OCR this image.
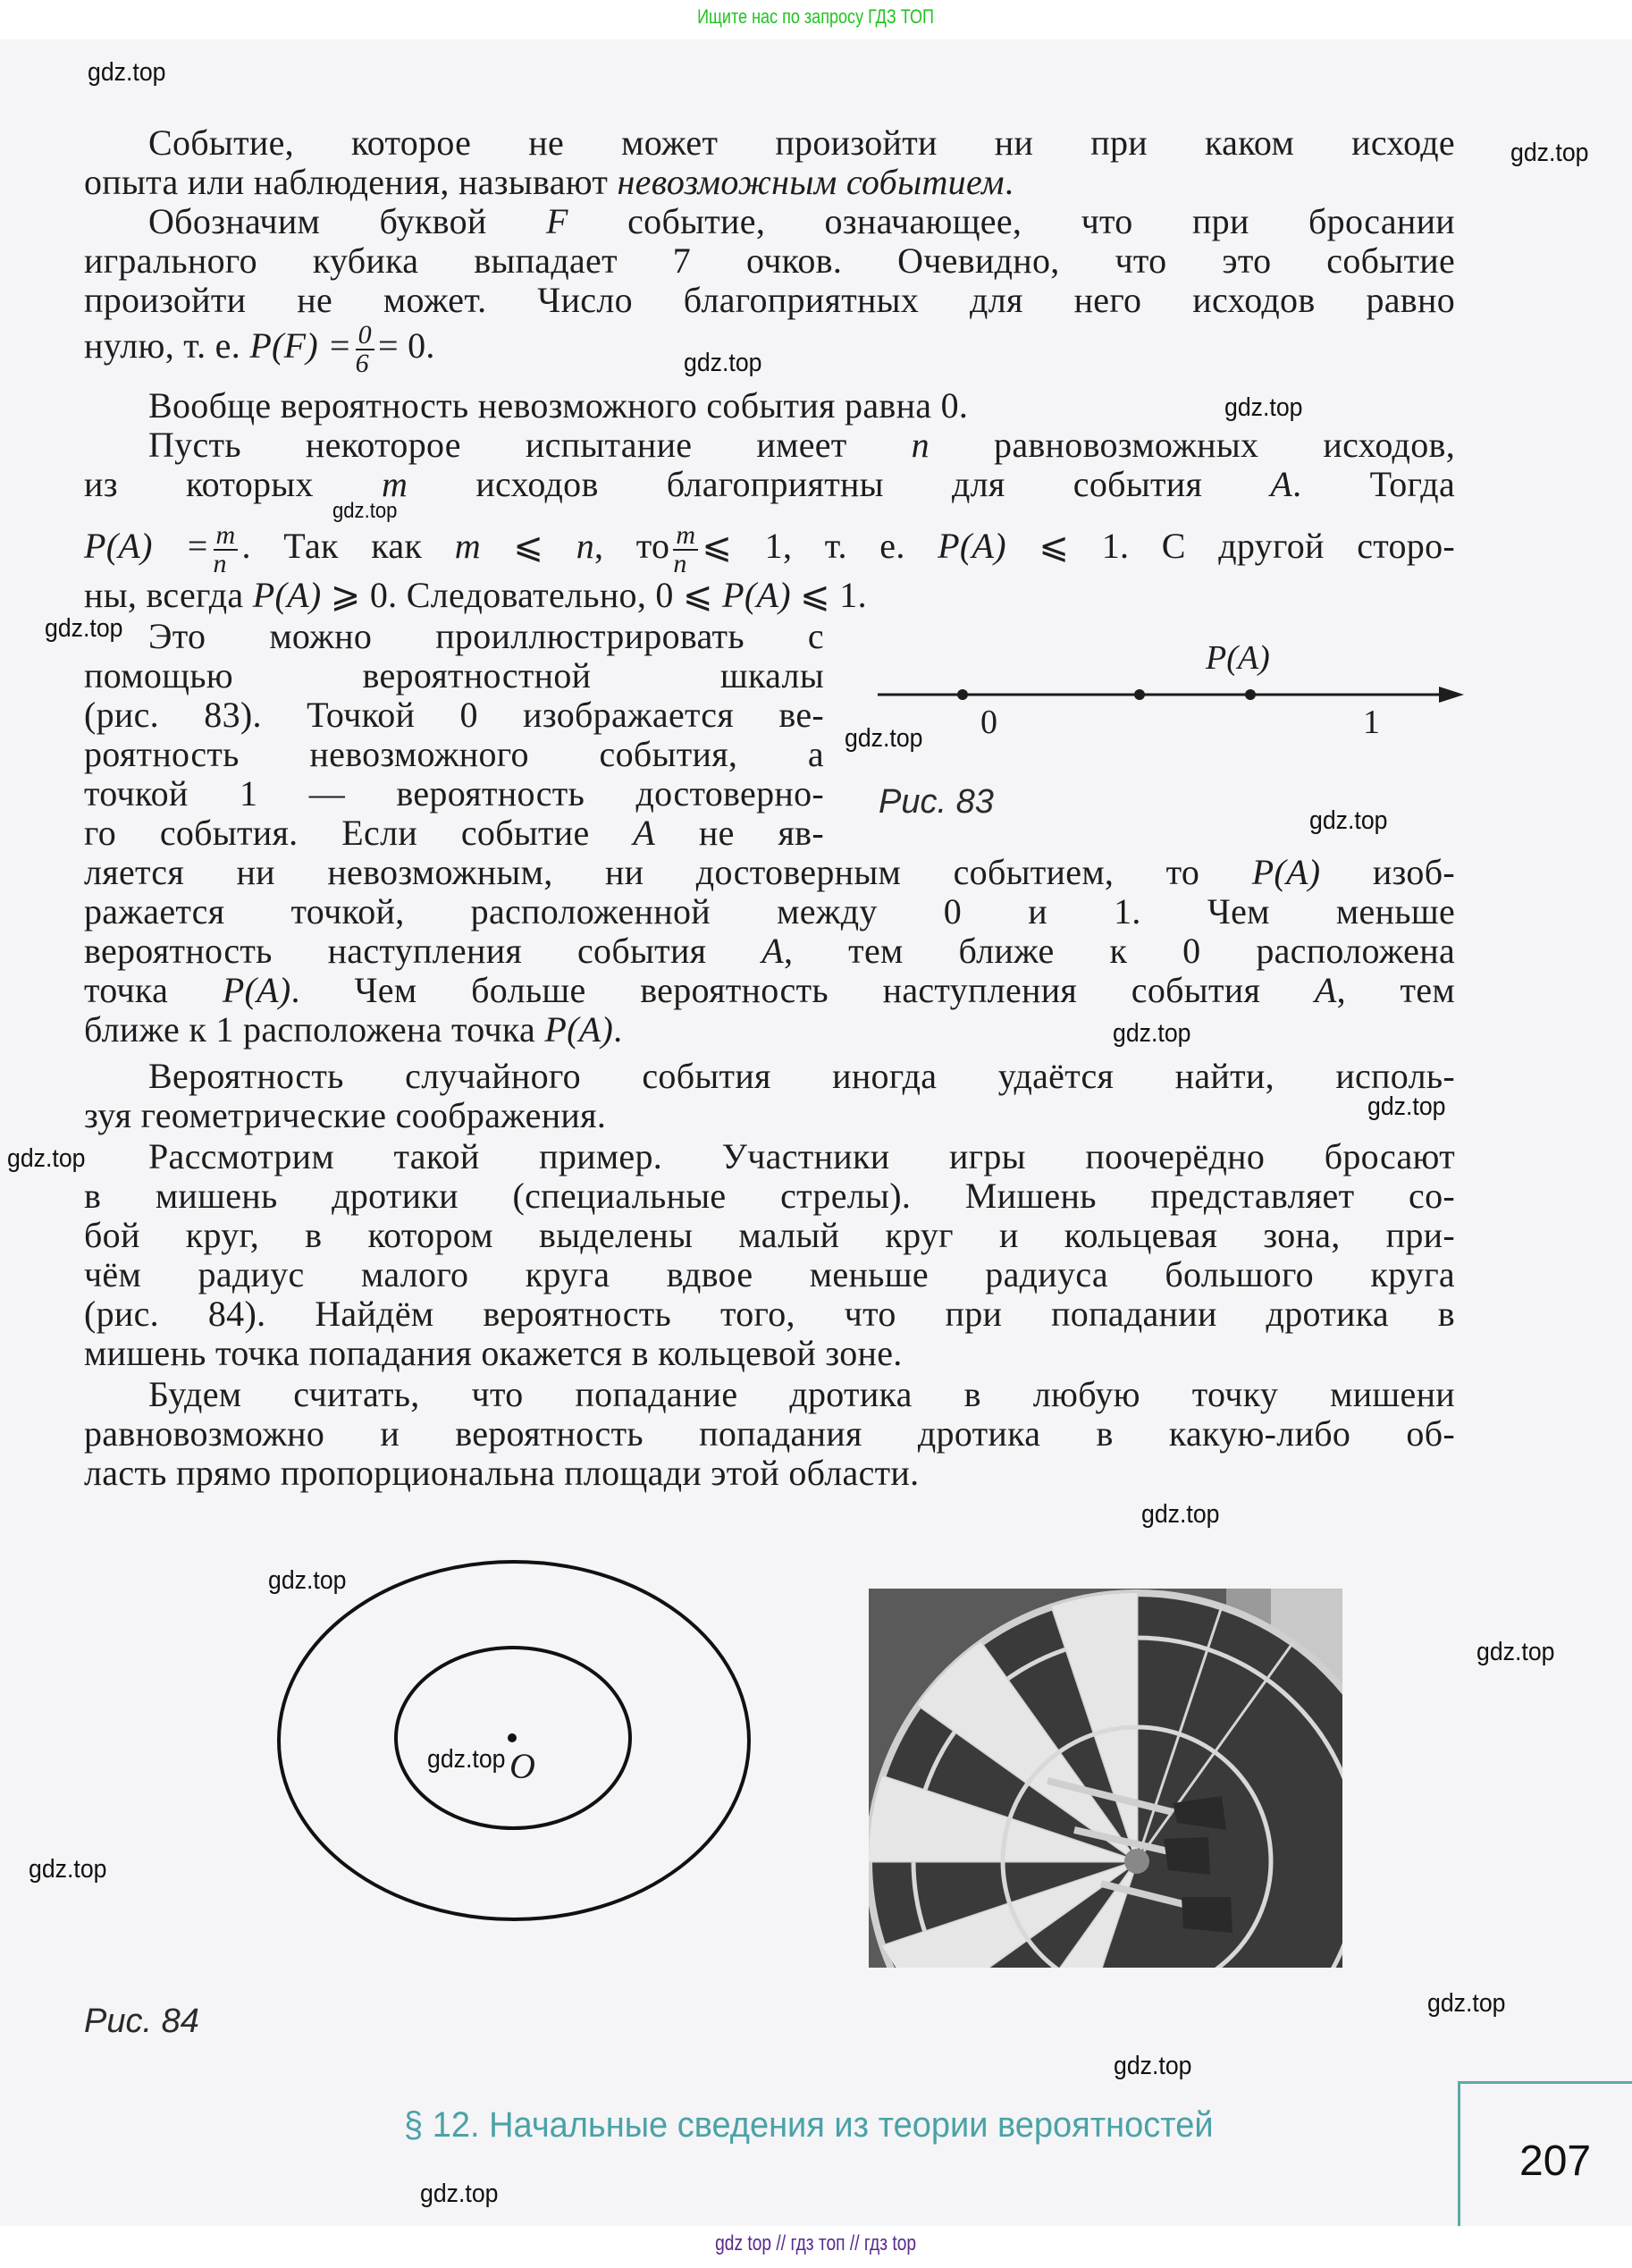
Ищите нас по запросу ГДЗ ТОП
Событие, которое не может произойти ни при каком исходе
опыта или наблюдения, называют невозможным событием.
Обозначим буквой F событие, означающее, что при бросании
игрального кубика выпадает 7 очков. Очевидно, что это событие
произойти не может. Число благоприятных для него исходов равно
нулю, т. е. $P(F) = \frac{0}{6} = 0$.
Вообще вероятность невозможного события равна 0.
Пусть некоторое испытание имеет n равновозможных исходов,
из которых m исходов благоприятны для события A. Тогда
$P(A) = \frac{m}{n}$ . Так как m ⩽ n, то $\frac{m}{n}$ ⩽ 1, т. е. P(A) ⩽ 1. С другой сторо-
ны, всегда P(A) ⩾ 0. Следовательно, 0 ⩽ P(A) ⩽ 1.
Это можно проиллюстрировать с
помощью вероятностной шкалы
(рис. 83). Точкой 0 изображается ве-
роятность невозможного события, а
точкой 1 — вероятность достоверно-
го события. Если событие A не яв-
ляется ни невозможным, ни достоверным событием, то P(A) изоб-
ражается точкой, расположенной между 0 и 1. Чем меньше
вероятность наступления события A, тем ближе к 0 расположена
точка P(A). Чем больше вероятность наступления события A, тем
ближе к 1 расположена точка P(A).
Вероятность случайного события иногда удаётся найти, исполь-
зуя геометрические соображения.
Рассмотрим такой пример. Участники игры поочерёдно бросают
в мишень дротики (специальные стрелы). Мишень представляет со-
бой круг, в котором выделены малый круг и кольцевая зона, при-
чём радиус малого круга вдвое меньше радиуса большого круга
(рис. 84). Найдём вероятность того, что при попадании дротика в
мишень точка попадания окажется в кольцевой зоне.
Будем считать, что попадание дротика в любую точку мишени
равновозможно и вероятность попадания дротика в какую-либо об-
ласть прямо пропорциональна площади этой области.
P(A)
0	1
Рис. 83
O
Рис. 84
§ 12. Начальные сведения из теории вероятностей
207
gdz.top
gdz.top
gdz.top
gdz.top
gdz.top
gdz.top
gdz.top
gdz.top
gdz.top
gdz.top
gdz.top
gdz.top
gdz.top
gdz.top
gdz.top
gdz.top
gdz.top
gdz.top
gdz.top
gdz top // гдз топ // гдз top
